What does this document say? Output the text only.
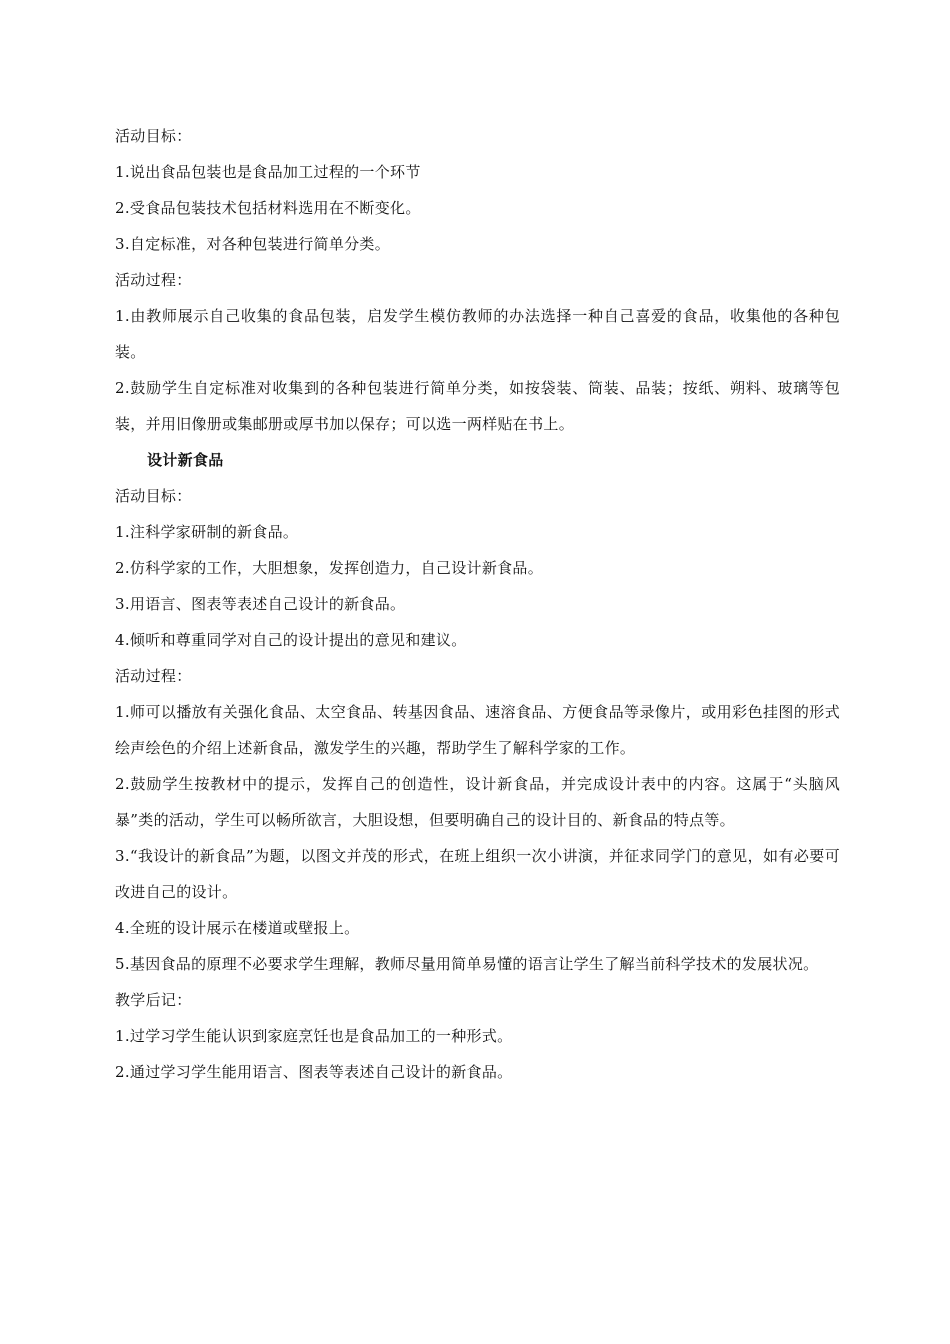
活动目标：

1.说出食品包装也是食品加工过程的一个环节

2.受食品包装技术包括材料选用在不断变化。

3.自定标准，对各种包装进行简单分类。

活动过程：

1.由教师展示自己收集的食品包装，启发学生模仿教师的办法选择一种自己喜爱的食品，收集他的各种包装。

2.鼓励学生自定标准对收集到的各种包装进行简单分类，如按袋装、筒装、品装；按纸、朔料、玻璃等包装，并用旧像册或集邮册或厚书加以保存；可以选一两样贴在书上。

设计新食品

活动目标：

1.注科学家研制的新食品。

2.仿科学家的工作，大胆想象，发挥创造力，自己设计新食品。

3.用语言、图表等表述自己设计的新食品。

4.倾听和尊重同学对自己的设计提出的意见和建议。

活动过程：

1.师可以播放有关强化食品、太空食品、转基因食品、速溶食品、方便食品等录像片，或用彩色挂图的形式绘声绘色的介绍上述新食品，激发学生的兴趣，帮助学生了解科学家的工作。

2.鼓励学生按教材中的提示，发挥自己的创造性，设计新食品，并完成设计表中的内容。这属于“头脑风暴”类的活动，学生可以畅所欲言，大胆设想，但要明确自己的设计目的、新食品的特点等。

3.“我设计的新食品”为题，以图文并茂的形式，在班上组织一次小讲演，并征求同学门的意见，如有必要可改进自己的设计。

4.全班的设计展示在楼道或壁报上。

5.基因食品的原理不必要求学生理解，教师尽量用简单易懂的语言让学生了解当前科学技术的发展状况。

教学后记：

1.过学习学生能认识到家庭烹饪也是食品加工的一种形式。

2.通过学习学生能用语言、图表等表述自己设计的新食品。
